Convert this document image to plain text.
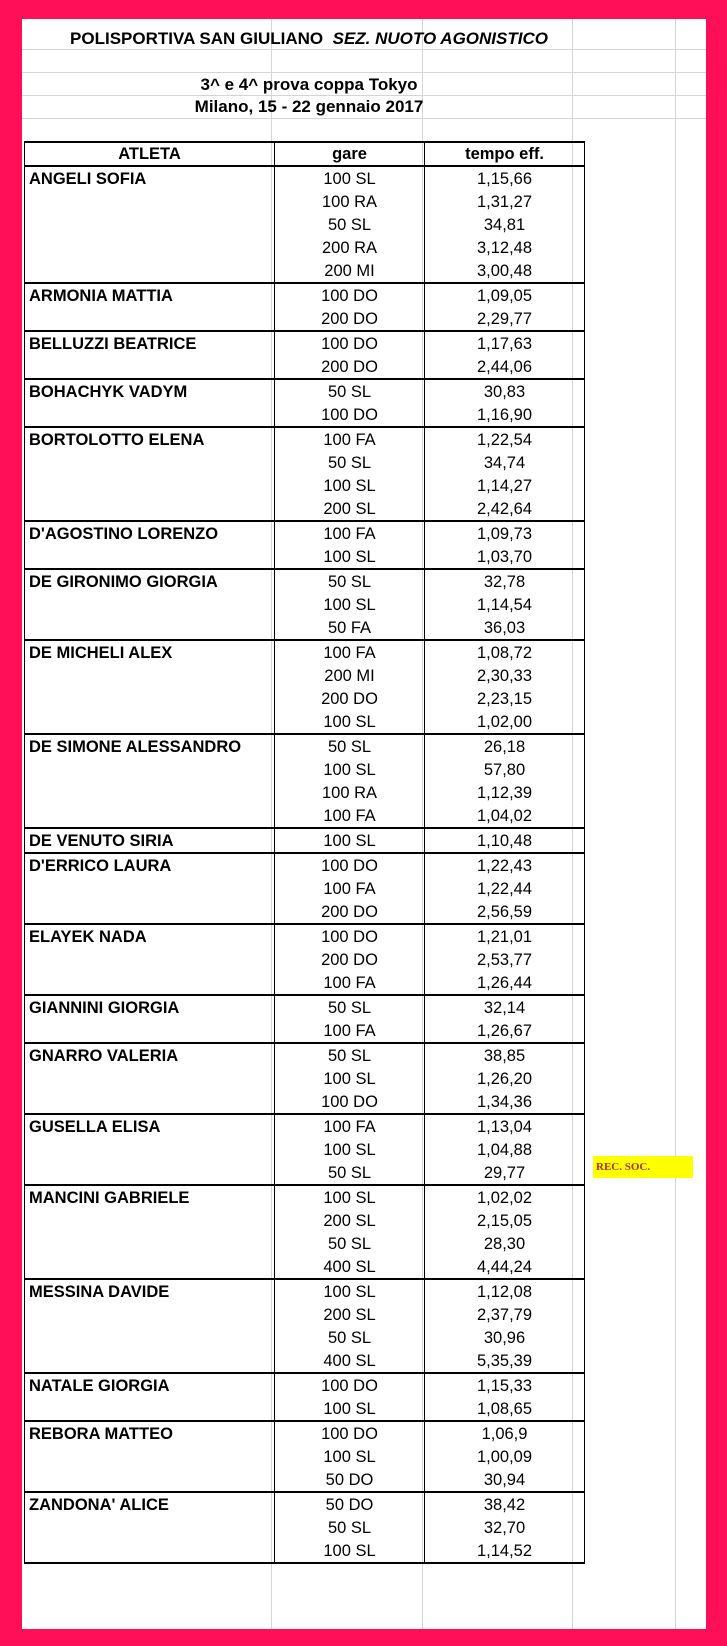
POLISPORTIVA SAN GIULIANO SEZ. NUOTO AGONISTICO
3^ e 4^ prova coppa Tokyo
Milano, 15 - 22 gennaio 2017
ATLETA	gare	tempo eff.
ANGELI SOFIA	100 SL	1,15,66
	100 RA	1,31,27
	50 SL	34,81
	200 RA	3,12,48
	200 MI	3,00,48
ARMONIA MATTIA	100 DO	1,09,05
	200 DO	2,29,77
BELLUZZI BEATRICE	100 DO	1,17,63
	200 DO	2,44,06
BOHACHYK VADYM	50 SL	30,83
	100 DO	1,16,90
BORTOLOTTO ELENA	100 FA	1,22,54
	50 SL	34,74
	100 SL	1,14,27
	200 SL	2,42,64
D'AGOSTINO LORENZO	100 FA	1,09,73
	100 SL	1,03,70
DE GIRONIMO GIORGIA	50 SL	32,78
	100 SL	1,14,54
	50 FA	36,03
DE MICHELI ALEX	100 FA	1,08,72
	200 MI	2,30,33
	200 DO	2,23,15
	100 SL	1,02,00
DE SIMONE ALESSANDRO	50 SL	26,18
	100 SL	57,80
	100 RA	1,12,39
	100 FA	1,04,02
DE VENUTO SIRIA	100 SL	1,10,48
D'ERRICO LAURA	100 DO	1,22,43
	100 FA	1,22,44
	200 DO	2,56,59
ELAYEK NADA	100 DO	1,21,01
	200 DO	2,53,77
	100 FA	1,26,44
GIANNINI GIORGIA	50 SL	32,14
	100 FA	1,26,67
GNARRO VALERIA	50 SL	38,85
	100 SL	1,26,20
	100 DO	1,34,36
GUSELLA ELISA	100 FA	1,13,04
	100 SL	1,04,88
	50 SL	29,77
MANCINI GABRIELE	100 SL	1,02,02
	200 SL	2,15,05
	50 SL	28,30
	400 SL	4,44,24
MESSINA DAVIDE	100 SL	1,12,08
	200 SL	2,37,79
	50 SL	30,96
	400 SL	5,35,39
NATALE GIORGIA	100 DO	1,15,33
	100 SL	1,08,65
REBORA MATTEO	100 DO	1,06,9
	100 SL	1,00,09
	50 DO	30,94
ZANDONA' ALICE	50 DO	38,42
	50 SL	32,70
	100 SL	1,14,52
REC. SOC.
